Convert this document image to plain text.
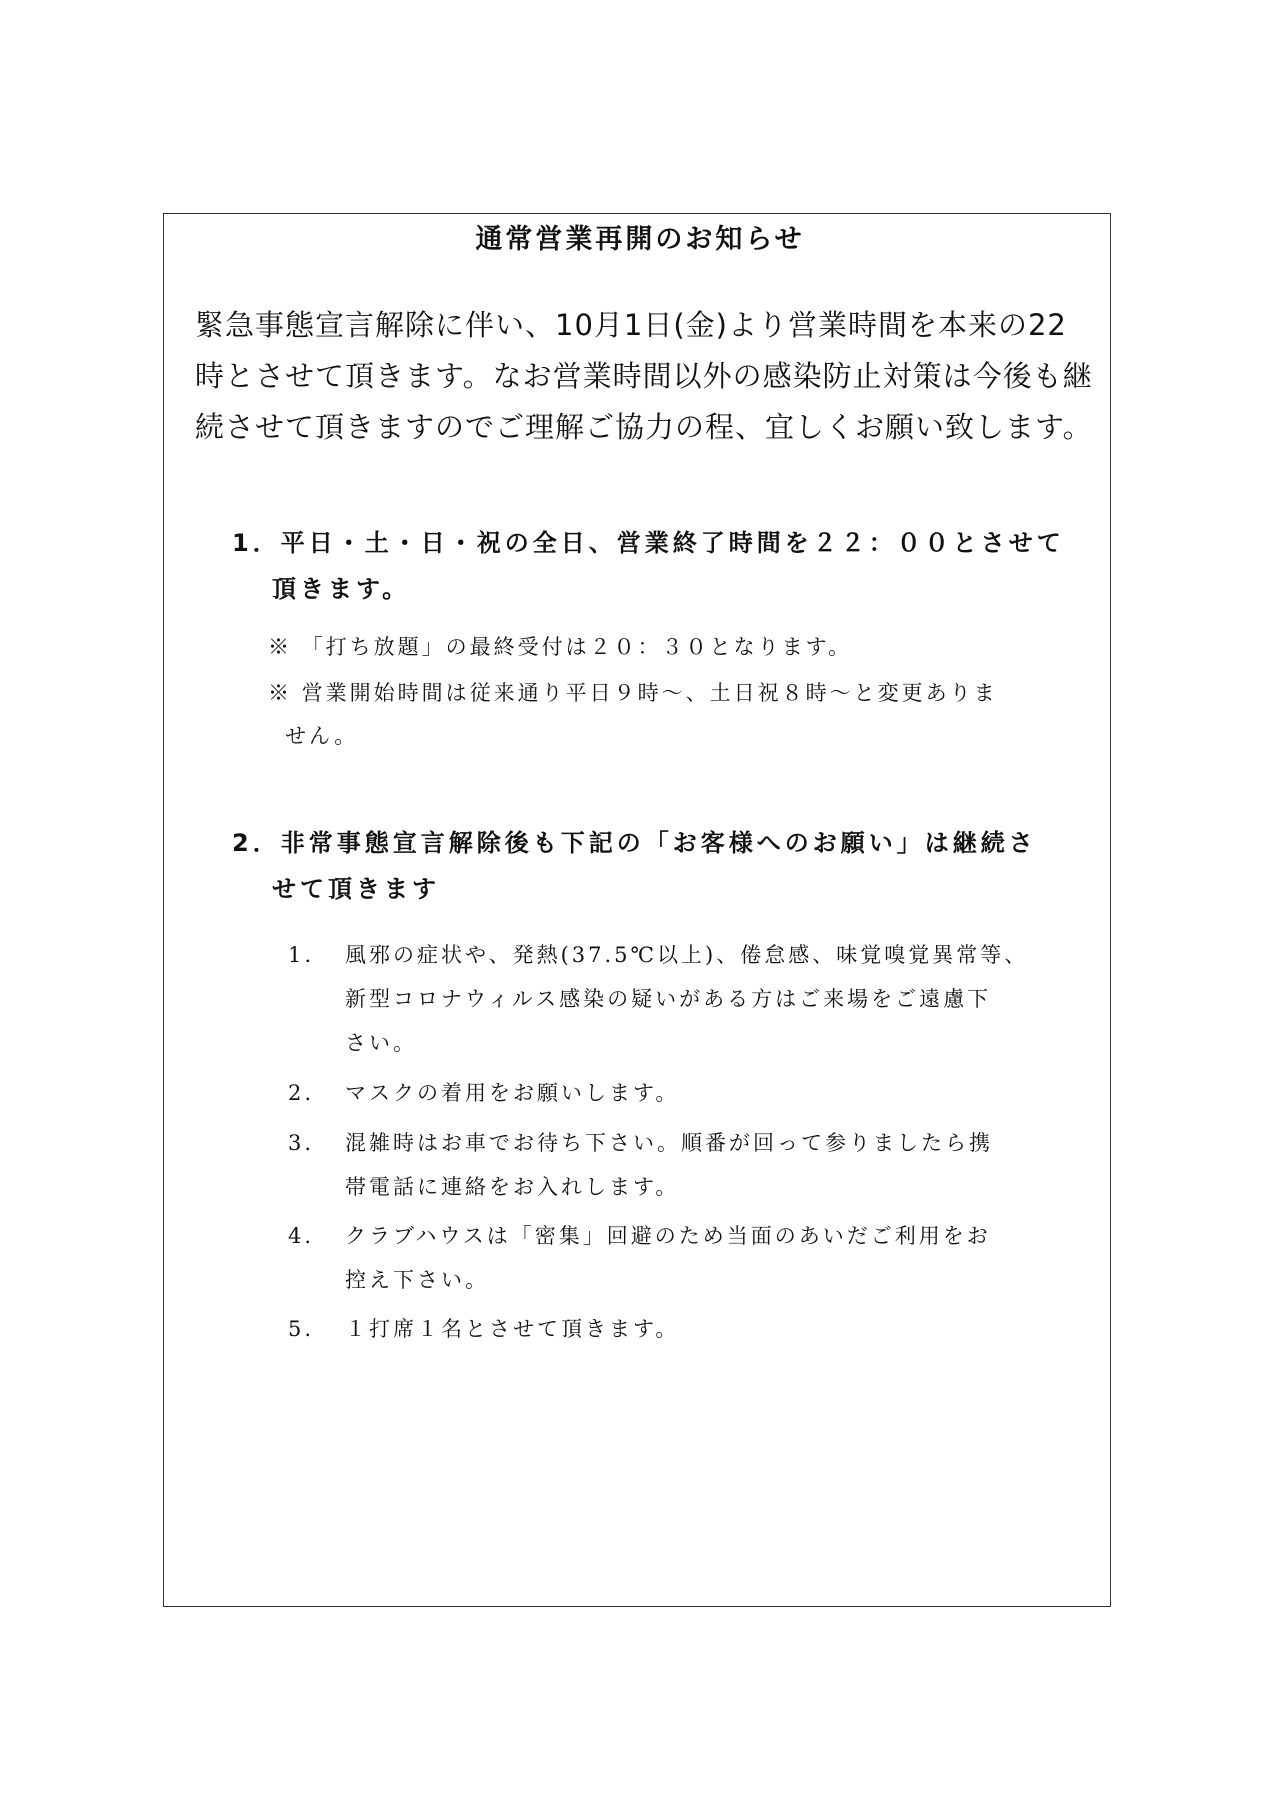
通常営業再開のお知らせ
緊急事態宣言解除に伴い、10月1日(金)より営業時間を本来の22
時とさせて頂きます。なお営業時間以外の感染防止対策は今後も継
続させて頂きますのでご理解ご協力の程、宜しくお願い致します。
1．平日・土・日・祝の全日、営業終了時間を２２：００とさせて
頂きます。
※ 「打ち放題」の最終受付は２０：３０となります。
※ 営業開始時間は従来通り平日９時～、土日祝８時～と変更ありま
せん。
2．非常事態宣言解除後も下記の「お客様へのお願い」は継続さ
せて頂きます
1.	風邪の症状や、発熱(37.5℃以上)、倦怠感、味覚嗅覚異常等、
新型コロナウィルス感染の疑いがある方はご来場をご遠慮下
さい。
2.	マスクの着用をお願いします。
3.	混雑時はお車でお待ち下さい。順番が回って参りましたら携
帯電話に連絡をお入れします。
4.	クラブハウスは「密集」回避のため当面のあいだご利用をお
控え下さい。
5.	１打席１名とさせて頂きます。
